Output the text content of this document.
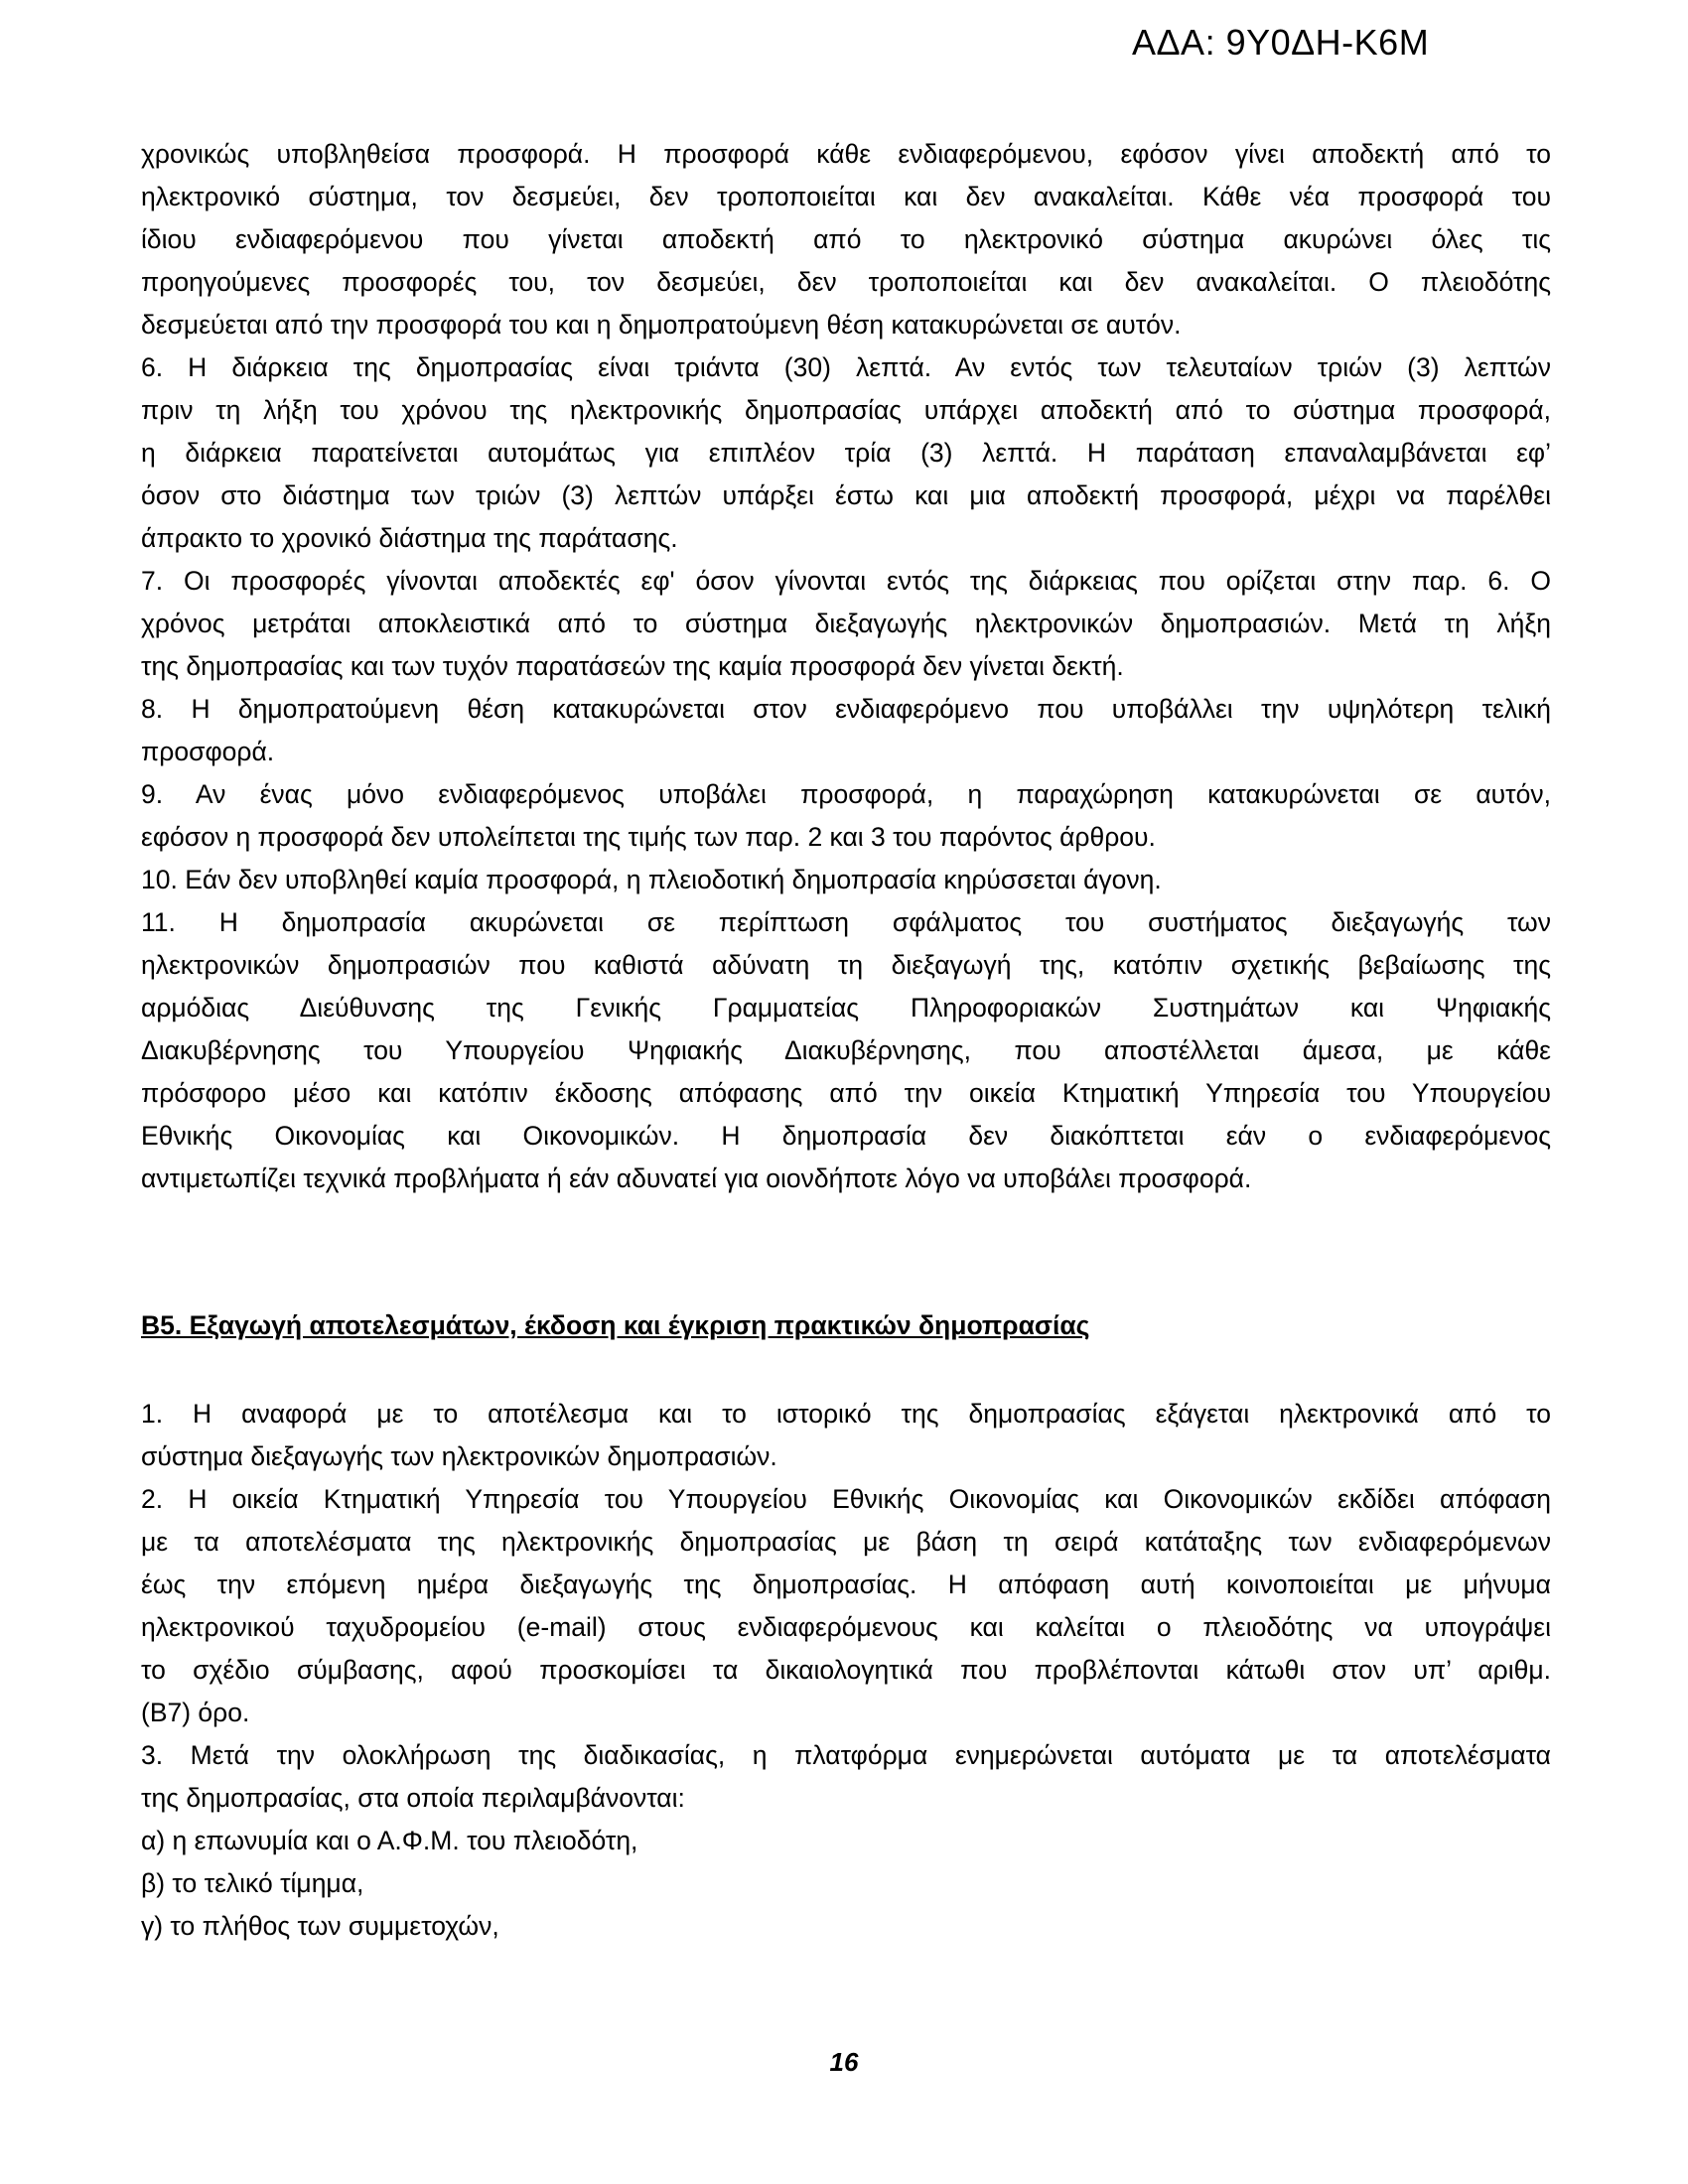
ΑΔΑ: 9Υ0ΔΗ-Κ6Μ
χρονικώς υποβληθείσα προσφορά. Η προσφορά κάθε ενδιαφερόμενου, εφόσον γίνει αποδεκτή από το
ηλεκτρονικό σύστημα, τον δεσμεύει, δεν τροποποιείται και δεν ανακαλείται. Κάθε νέα προσφορά του
ίδιου ενδιαφερόμενου που γίνεται αποδεκτή από το ηλεκτρονικό σύστημα ακυρώνει όλες τις
προηγούμενες προσφορές του, τον δεσμεύει, δεν τροποποιείται και δεν ανακαλείται. Ο πλειοδότης
δεσμεύεται από την προσφορά του και η δημοπρατούμενη θέση κατακυρώνεται σε αυτόν.
6. Η διάρκεια της δημοπρασίας είναι τριάντα (30) λεπτά. Αν εντός των τελευταίων τριών (3) λεπτών
πριν τη λήξη του χρόνου της ηλεκτρονικής δημοπρασίας υπάρχει αποδεκτή από το σύστημα προσφορά,
η διάρκεια παρατείνεται αυτομάτως για επιπλέον τρία (3) λεπτά. Η παράταση επαναλαμβάνεται εφ’
όσον στο διάστημα των τριών (3) λεπτών υπάρξει έστω και μια αποδεκτή προσφορά, μέχρι να παρέλθει
άπρακτο το χρονικό διάστημα της παράτασης.
7. Οι προσφορές γίνονται αποδεκτές εφ' όσον γίνονται εντός της διάρκειας που ορίζεται στην παρ. 6. Ο
χρόνος μετράται αποκλειστικά από το σύστημα διεξαγωγής ηλεκτρονικών δημοπρασιών. Μετά τη λήξη
της δημοπρασίας και των τυχόν παρατάσεών της καμία προσφορά δεν γίνεται δεκτή.
8. Η δημοπρατούμενη θέση κατακυρώνεται στον ενδιαφερόμενο που υποβάλλει την υψηλότερη τελική
προσφορά.
9. Αν ένας μόνο ενδιαφερόμενος υποβάλει προσφορά, η παραχώρηση κατακυρώνεται σε αυτόν,
εφόσον η προσφορά δεν υπολείπεται της τιμής των παρ. 2 και 3 του παρόντος άρθρου.
10. Εάν δεν υποβληθεί καμία προσφορά, η πλειοδοτική δημοπρασία κηρύσσεται άγονη.
11. Η δημοπρασία ακυρώνεται σε περίπτωση σφάλματος του συστήματος διεξαγωγής των
ηλεκτρονικών δημοπρασιών που καθιστά αδύνατη τη διεξαγωγή της, κατόπιν σχετικής βεβαίωσης της
αρμόδιας Διεύθυνσης της Γενικής Γραμματείας Πληροφοριακών Συστημάτων και Ψηφιακής
Διακυβέρνησης του Υπουργείου Ψηφιακής Διακυβέρνησης, που αποστέλλεται άμεσα, με κάθε
πρόσφορο μέσο και κατόπιν έκδοσης απόφασης από την οικεία Κτηματική Υπηρεσία του Υπουργείου
Εθνικής Οικονομίας και Οικονομικών. Η δημοπρασία δεν διακόπτεται εάν ο ενδιαφερόμενος
αντιμετωπίζει τεχνικά προβλήματα ή εάν αδυνατεί για οιονδήποτε λόγο να υποβάλει προσφορά.
Β5. Εξαγωγή αποτελεσμάτων, έκδοση και έγκριση πρακτικών δημοπρασίας
1. Η αναφορά με το αποτέλεσμα και το ιστορικό της δημοπρασίας εξάγεται ηλεκτρονικά από το
σύστημα διεξαγωγής των ηλεκτρονικών δημοπρασιών.
2. Η οικεία Κτηματική Υπηρεσία του Υπουργείου Εθνικής Οικονομίας και Οικονομικών εκδίδει απόφαση
με τα αποτελέσματα της ηλεκτρονικής δημοπρασίας με βάση τη σειρά κατάταξης των ενδιαφερόμενων
έως την επόμενη ημέρα διεξαγωγής της δημοπρασίας. Η απόφαση αυτή κοινοποιείται με μήνυμα
ηλεκτρονικού ταχυδρομείου (e-mail) στους ενδιαφερόμενους και καλείται ο πλειοδότης να υπογράψει
το σχέδιο σύμβασης, αφού προσκομίσει τα δικαιολογητικά που προβλέπονται κάτωθι στον υπ’ αριθμ.
(Β7) όρο.
3. Μετά την ολοκλήρωση της διαδικασίας, η πλατφόρμα ενημερώνεται αυτόματα με τα αποτελέσματα
της δημοπρασίας, στα οποία περιλαμβάνονται:
α) η επωνυμία και ο Α.Φ.Μ. του πλειοδότη,
β) το τελικό τίμημα,
γ) το πλήθος των συμμετοχών,
16
